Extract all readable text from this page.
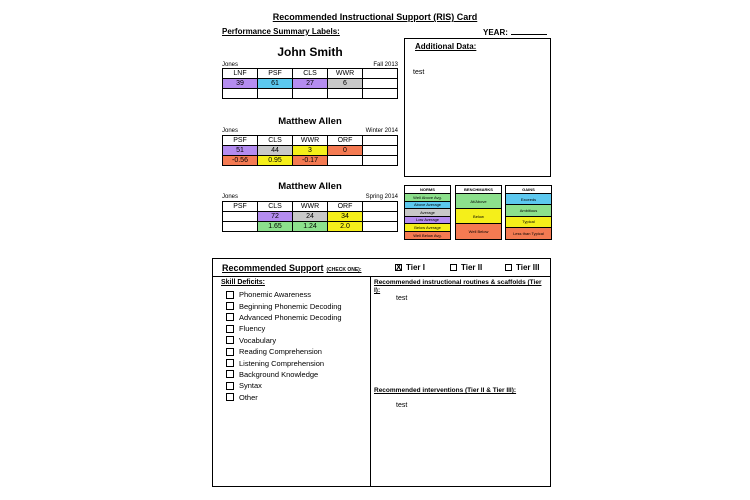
Recommended Instructional Support (RIS) Card
Performance Summary Labels:	YEAR:
John Smith
Jones	Fall 2013
LNF	PSF	CLS	WWR	
39	61	27	6	

Matthew Allen
Jones	Winter 2014
PSF	CLS	WWR	ORF	
51	44	3	0	
-0.56	0.95	-0.17		
Matthew Allen
Jones	Spring 2014
PSF	CLS	WWR	ORF	
	72	24	34	
	1.65	1.24	2.0	
Additional Data:
test
NORMS
Well Above Avg.
Above Average
Average
Low Average
Below Average
Well Below Avg.
BENCHMARKS
At/Above
Below
Well Below
GAINS
Exceeds
Ambitious
Typical
Less than Typical
Recommended Support (CHECK ONE):	X Tier I	Tier II	Tier III
Skill Deficits:
Phonemic Awareness
Beginning Phonemic Decoding
Advanced Phonemic Decoding
Fluency
Vocabulary
Reading Comprehension
Listening Comprehension
Background Knowledge
Syntax
Other
Recommended instructional routines & scaffolds (Tier I):
test
Recommended interventions (Tier II & Tier III):
test
